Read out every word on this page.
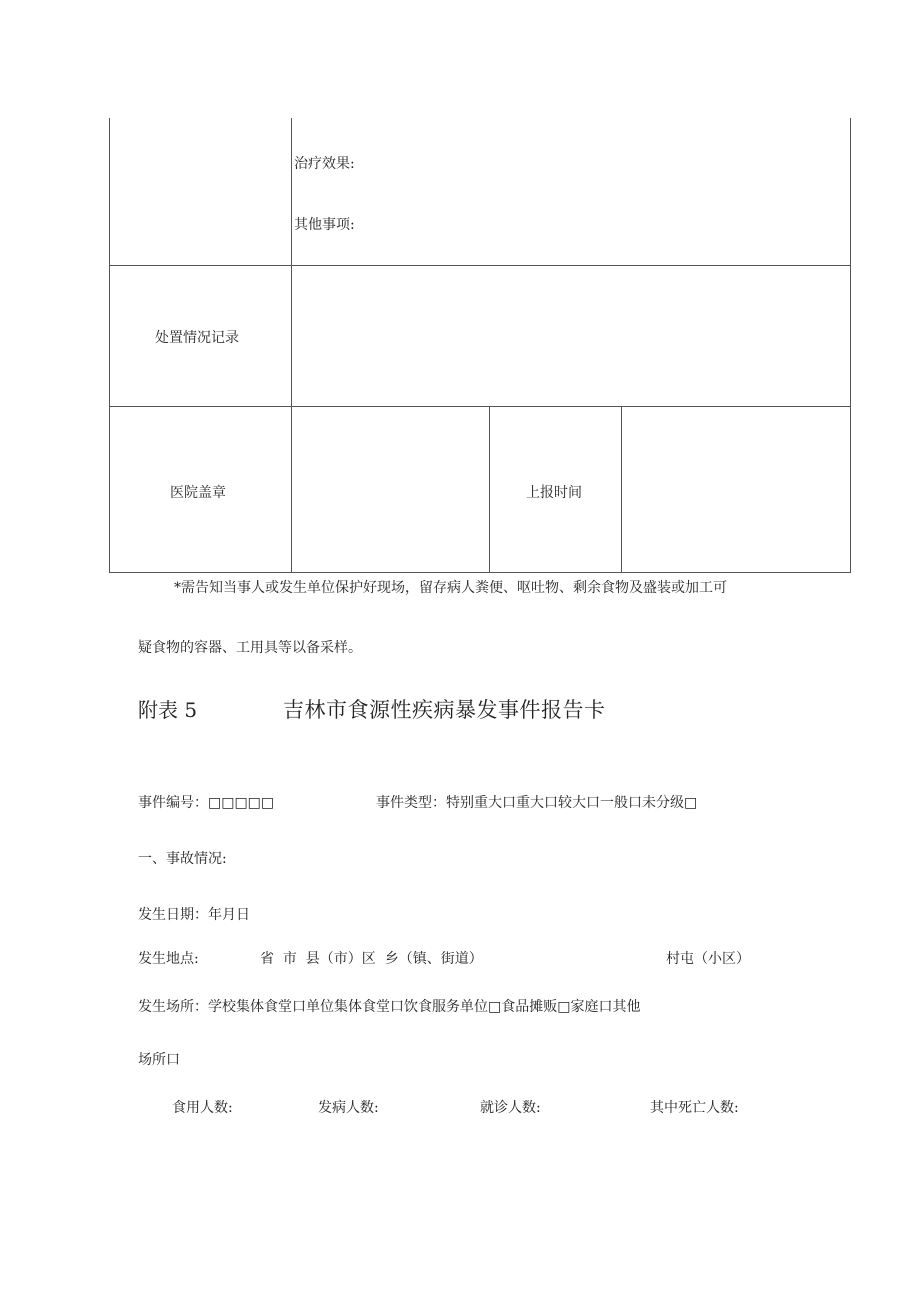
治疗效果:
其他事项:
处置情况记录
医院盖章	上报时间
*需告知当事人或发生单位保护好现场，留存病人粪便、呕吐物、剩余食物及盛装或加工可
疑食物的容器、工用具等以备采样。
附表 5	吉林市食源性疾病暴发事件报告卡
事件编号：□□□□□	事件类型：特别重大口重大口较大口一般口未分级□
一、事故情况:
发生日期：年月日
发生地点:	省  市  县（市）区  乡（镇、街道）	村屯（小区）
发生场所：学校集体食堂口单位集体食堂口饮食服务单位□食品摊贩□家庭口其他
场所口
食用人数:	发病人数:	就诊人数:	其中死亡人数:
